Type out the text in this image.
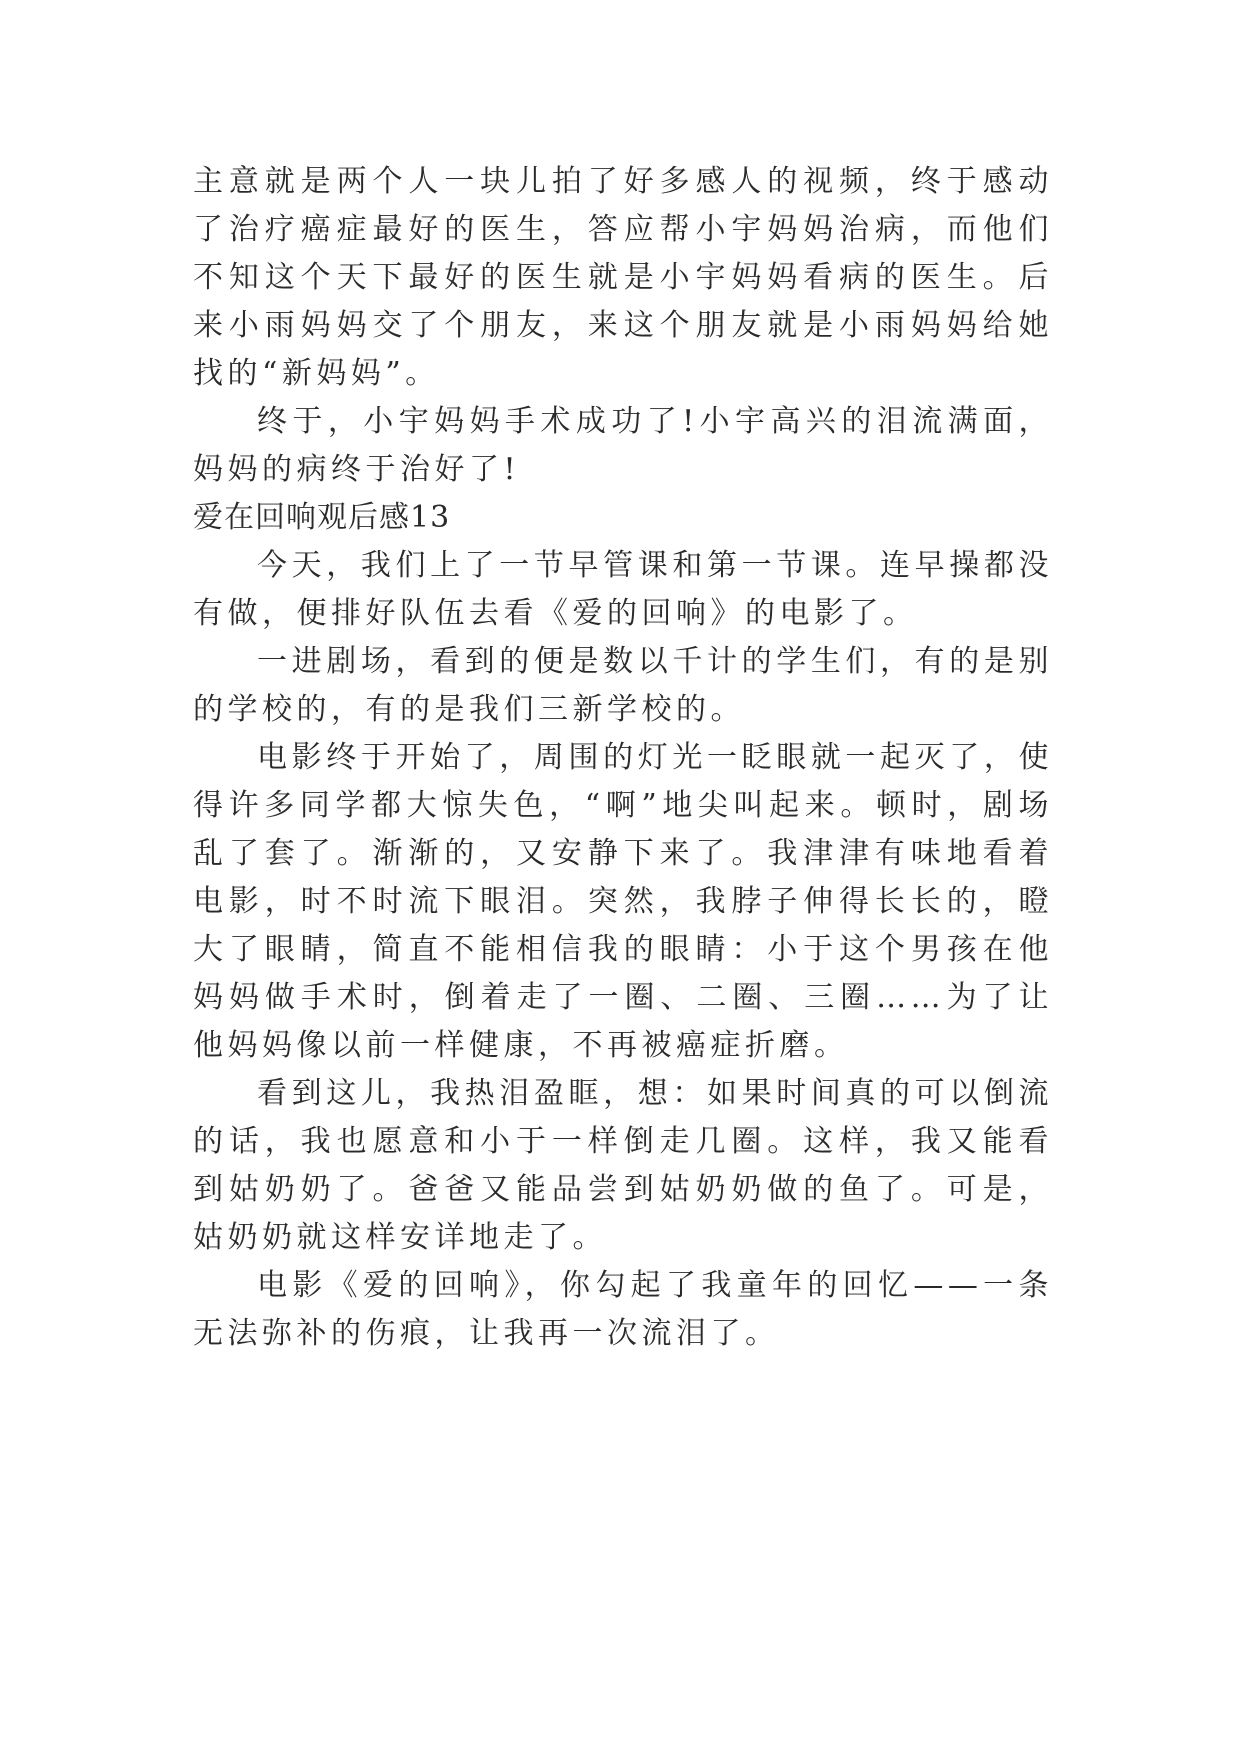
主意就是两个人一块儿拍了好多感人的视频，终于感动了治疗癌症最好的医生，答应帮小宇妈妈治病，而他们不知这个天下最好的医生就是小宇妈妈看病的医生。后来小雨妈妈交了个朋友，来这个朋友就是小雨妈妈给她找的“新妈妈”。

终于，小宇妈妈手术成功了!小宇高兴的泪流满面，妈妈的病终于治好了!

爱在回响观后感13

今天，我们上了一节早管课和第一节课。连早操都没有做，便排好队伍去看《爱的回响》的电影了。

一进剧场，看到的便是数以千计的学生们，有的是别的学校的，有的是我们三新学校的。

电影终于开始了，周围的灯光一眨眼就一起灭了，使得许多同学都大惊失色，“啊”地尖叫起来。顿时，剧场乱了套了。渐渐的，又安静下来了。我津津有味地看着电影，时不时流下眼泪。突然，我脖子伸得长长的，瞪大了眼睛，简直不能相信我的眼睛：小于这个男孩在他妈妈做手术时，倒着走了一圈、二圈、三圈……为了让他妈妈像以前一样健康，不再被癌症折磨。

看到这儿，我热泪盈眶，想：如果时间真的可以倒流的话，我也愿意和小于一样倒走几圈。这样，我又能看到姑奶奶了。爸爸又能品尝到姑奶奶做的鱼了。可是，姑奶奶就这样安详地走了。

电影《爱的回响》，你勾起了我童年的回忆——一条无法弥补的伤痕，让我再一次流泪了。
